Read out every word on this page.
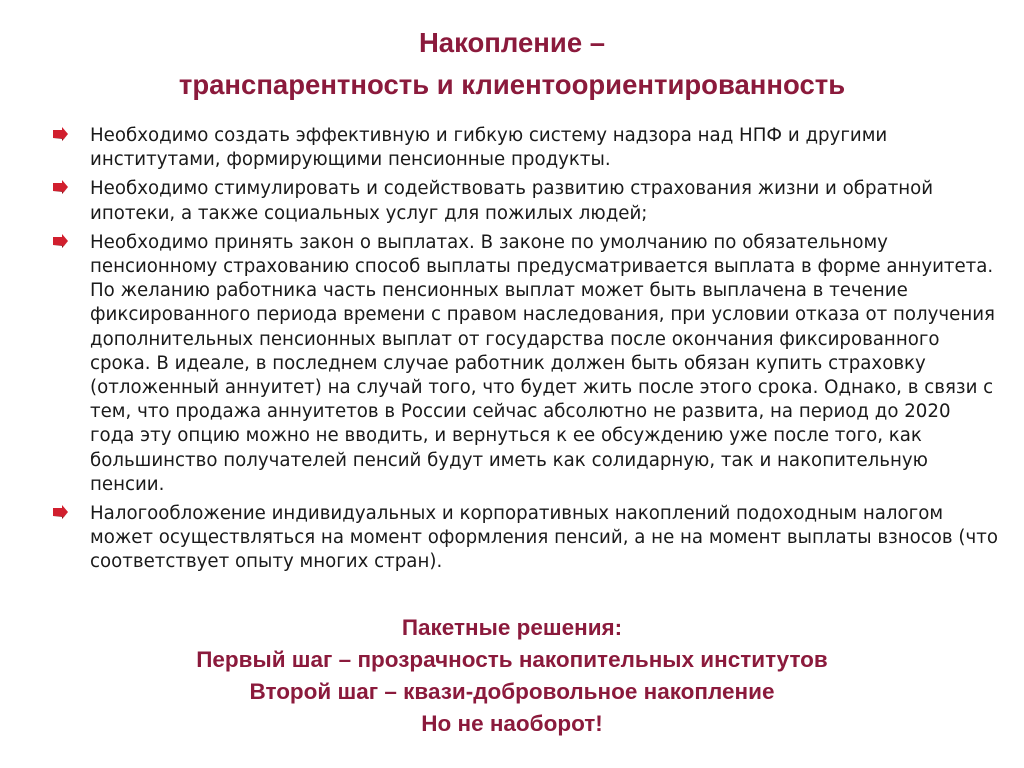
Накопление –
транспарентность и клиентоориентированность
Необходимо создать эффективную и гибкую систему надзора над НПФ и другими институтами, формирующими пенсионные продукты.
Необходимо стимулировать и содействовать развитию страхования жизни и обратной ипотеки, а также социальных услуг для пожилых людей;
Необходимо принять закон о выплатах. В законе по умолчанию по обязательному пенсионному страхованию способ выплаты предусматривается выплата в форме аннуитета. По желанию работника часть пенсионных выплат может быть выплачена в течение фиксированного периода времени с правом наследования, при условии отказа от получения дополнительных пенсионных выплат от государства после окончания фиксированного срока. В идеале, в последнем случае работник должен быть обязан купить страховку (отложенный аннуитет) на случай того, что будет жить после этого срока. Однако, в связи с тем, что продажа аннуитетов в России сейчас абсолютно не развита, на период до 2020 года эту опцию можно не вводить, и вернуться к ее обсуждению уже после того, как большинство получателей пенсий будут иметь как солидарную, так и накопительную пенсии.
Налогообложение индивидуальных и корпоративных накоплений подоходным налогом может осуществляться на момент оформления пенсий, а не на момент выплаты взносов (что соответствует опыту многих стран).
Пакетные решения:
Первый шаг – прозрачность накопительных институтов
Второй шаг – квази-добровольное накопление
Но не наоборот!
